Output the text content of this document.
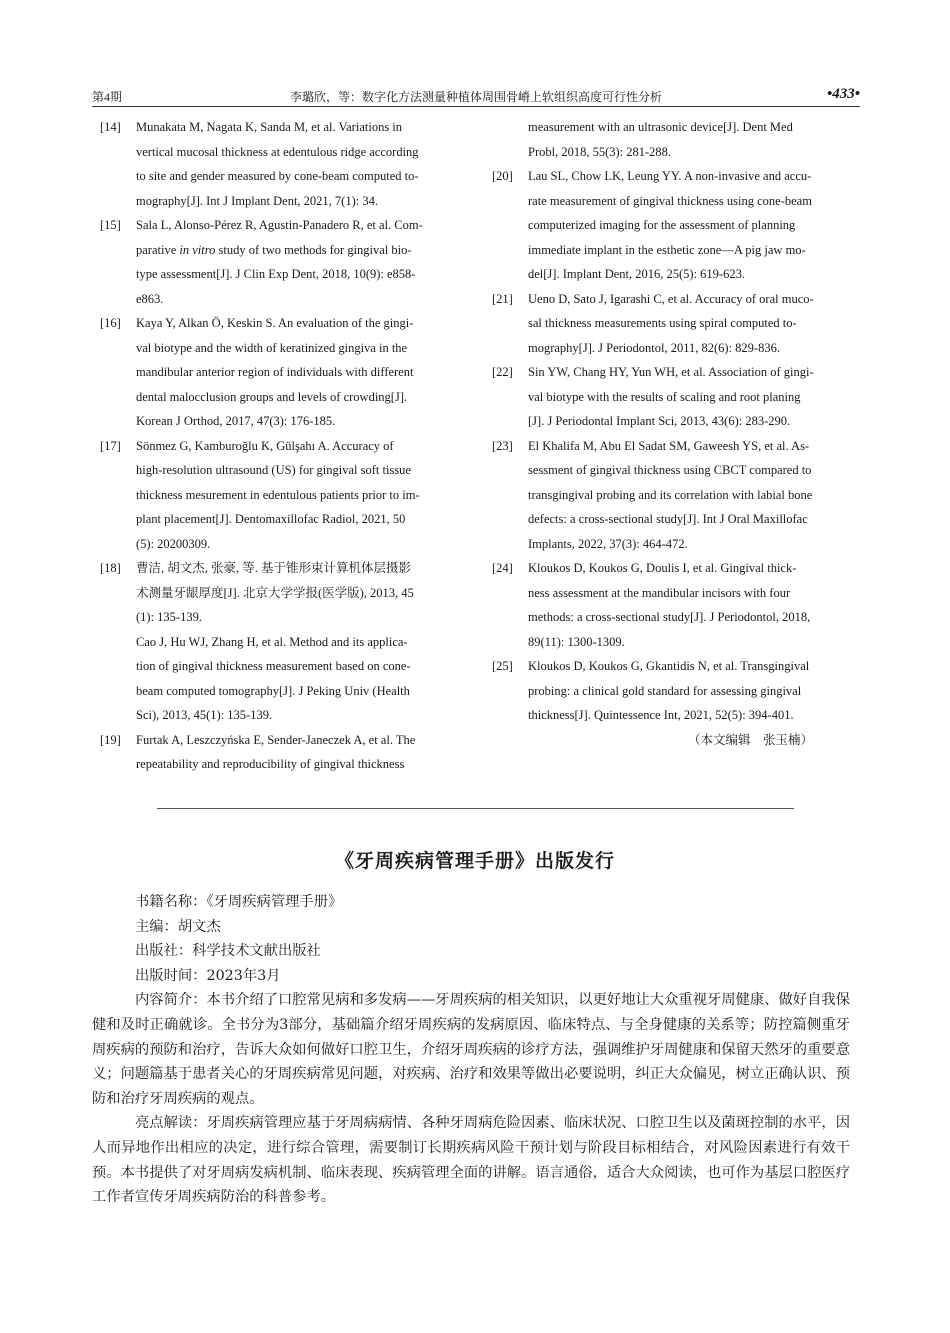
第4期	李璐欣，等：数字化方法测量种植体周围骨嵴上软组织高度可行性分析	•433•
[14] Munakata M, Nagata K, Sanda M, et al. Variations in

vertical mucosal thickness at edentulous ridge according

to site and gender measured by cone-beam computed to-

mography[J]. Int J Implant Dent, 2021, 7(1): 34.

[15] Sala L, Alonso-Pérez R, Agustin-Panadero R, et al. Com-

parative in vitro study of two methods for gingival bio-

type assessment[J]. J Clin Exp Dent, 2018, 10(9): e858-

e863.

[16] Kaya Y, Alkan Ö, Keskin S. An evaluation of the gingi-

val biotype and the width of keratinized gingiva in the

mandibular anterior region of individuals with different

dental malocclusion groups and levels of crowding[J].

Korean J Orthod, 2017, 47(3): 176-185.

[17] Sönmez G, Kamburoğlu K, Gülşahı A. Accuracy of

high-resolution ultrasound (US) for gingival soft tissue

thickness mesurement in edentulous patients prior to im-

plant placement[J]. Dentomaxillofac Radiol, 2021, 50

(5): 20200309.

[18] 曹洁, 胡文杰, 张豪, 等. 基于锥形束计算机体层摄影

术测量牙龈厚度[J]. 北京大学学报(医学版), 2013, 45

(1): 135-139.

Cao J, Hu WJ, Zhang H, et al. Method and its applica-

tion of gingival thickness measurement based on cone-

beam computed tomography[J]. J Peking Univ (Health

Sci), 2013, 45(1): 135-139.

[19] Furtak A, Leszczyńska E, Sender-Janeczek A, et al. The

repeatability and reproducibility of gingival thickness

measurement with an ultrasonic device[J]. Dent Med

Probl, 2018, 55(3): 281-288.

[20] Lau SL, Chow LK, Leung YY. A non-invasive and accu-

rate measurement of gingival thickness using cone-beam

computerized imaging for the assessment of planning

immediate implant in the esthetic zone—A pig jaw mo-

del[J]. Implant Dent, 2016, 25(5): 619-623.

[21] Ueno D, Sato J, Igarashi C, et al. Accuracy of oral muco-

sal thickness measurements using spiral computed to-

mography[J]. J Periodontol, 2011, 82(6): 829-836.

[22] Sin YW, Chang HY, Yun WH, et al. Association of gingi-

val biotype with the results of scaling and root planing

[J]. J Periodontal Implant Sci, 2013, 43(6): 283-290.

[23] El Khalifa M, Abu El Sadat SM, Gaweesh YS, et al. As-

sessment of gingival thickness using CBCT compared to

transgingival probing and its correlation with labial bone

defects: a cross-sectional study[J]. Int J Oral Maxillofac

Implants, 2022, 37(3): 464-472.

[24] Kloukos D, Koukos G, Doulis I, et al. Gingival thick-

ness assessment at the mandibular incisors with four

methods: a cross-sectional study[J]. J Periodontol, 2018,

89(11): 1300-1309.

[25] Kloukos D, Koukos G, Gkantidis N, et al. Transgingival

probing: a clinical gold standard for assessing gingival

thickness[J]. Quintessence Int, 2021, 52(5): 394-401.

（本文编辑　张玉楠）
《牙周疾病管理手册》出版发行
书籍名称：《牙周疾病管理手册》
主编：胡文杰
出版社：科学技术文献出版社
出版时间：2023年3月

内容简介：本书介绍了口腔常见病和多发病——牙周疾病的相关知识，以更好地让大众重视牙周健康、做好自我保健和及时正确就诊。全书分为3部分，基础篇介绍牙周疾病的发病原因、临床特点、与全身健康的关系等；防控篇侧重牙周疾病的预防和治疗，告诉大众如何做好口腔卫生，介绍牙周疾病的诊疗方法，强调维护牙周健康和保留天然牙的重要意义；问题篇基于患者关心的牙周疾病常见问题，对疾病、治疗和效果等做出必要说明，纠正大众偏见，树立正确认识、预防和治疗牙周疾病的观点。

亮点解读：牙周疾病管理应基于牙周病病情、各种牙周病危险因素、临床状况、口腔卫生以及菌斑控制的水平，因人而异地作出相应的决定，进行综合管理，需要制订长期疾病风险干预计划与阶段目标相结合，对风险因素进行有效干预。本书提供了对牙周病发病机制、临床表现、疾病管理全面的讲解。语言通俗，适合大众阅读，也可作为基层口腔医疗工作者宣传牙周疾病防治的科普参考。
